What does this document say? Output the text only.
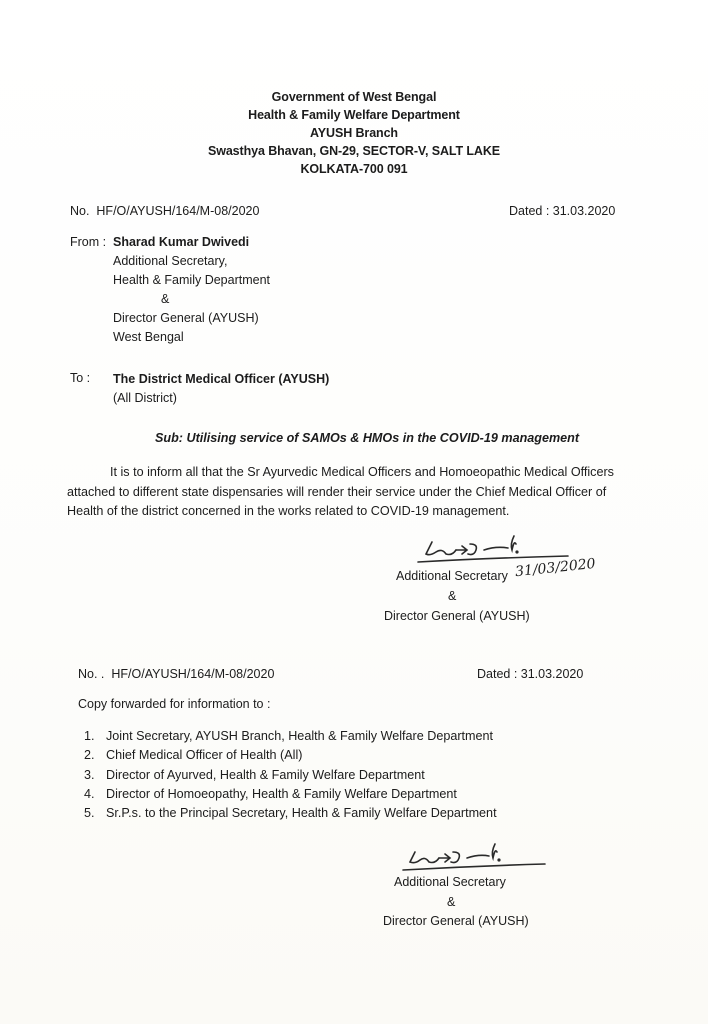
Government of West Bengal
Health & Family Welfare Department
AYUSH Branch
Swasthya Bhavan, GN-29, SECTOR-V, SALT LAKE
KOLKATA-700 091
No. HF/O/AYUSH/164/M-08/2020	Dated : 31.03.2020
From : Sharad Kumar Dwivedi
Additional Secretary,
Health & Family Department
&
Director General (AYUSH)
West Bengal
To : The District Medical Officer (AYUSH)
(All District)
Sub: Utilising service of SAMOs & HMOs in the COVID-19 management
It is to inform all that the Sr Ayurvedic Medical Officers and Homoeopathic Medical Officers
attached to different state dispensaries will render their service under the Chief Medical Officer of
Health of the district concerned in the works related to COVID-19 management.
Additional Secretary 31/03/2020
&
Director General (AYUSH)
No. . HF/O/AYUSH/164/M-08/2020	Dated : 31.03.2020
Copy forwarded for information to :
1. Joint Secretary, AYUSH Branch, Health & Family Welfare Department
2. Chief Medical Officer of Health (All)
3. Director of Ayurved, Health & Family Welfare Department
4. Director of Homoeopathy, Health & Family Welfare Department
5. Sr.P.s. to the Principal Secretary, Health & Family Welfare Department
Additional Secretary
&
Director General (AYUSH)
